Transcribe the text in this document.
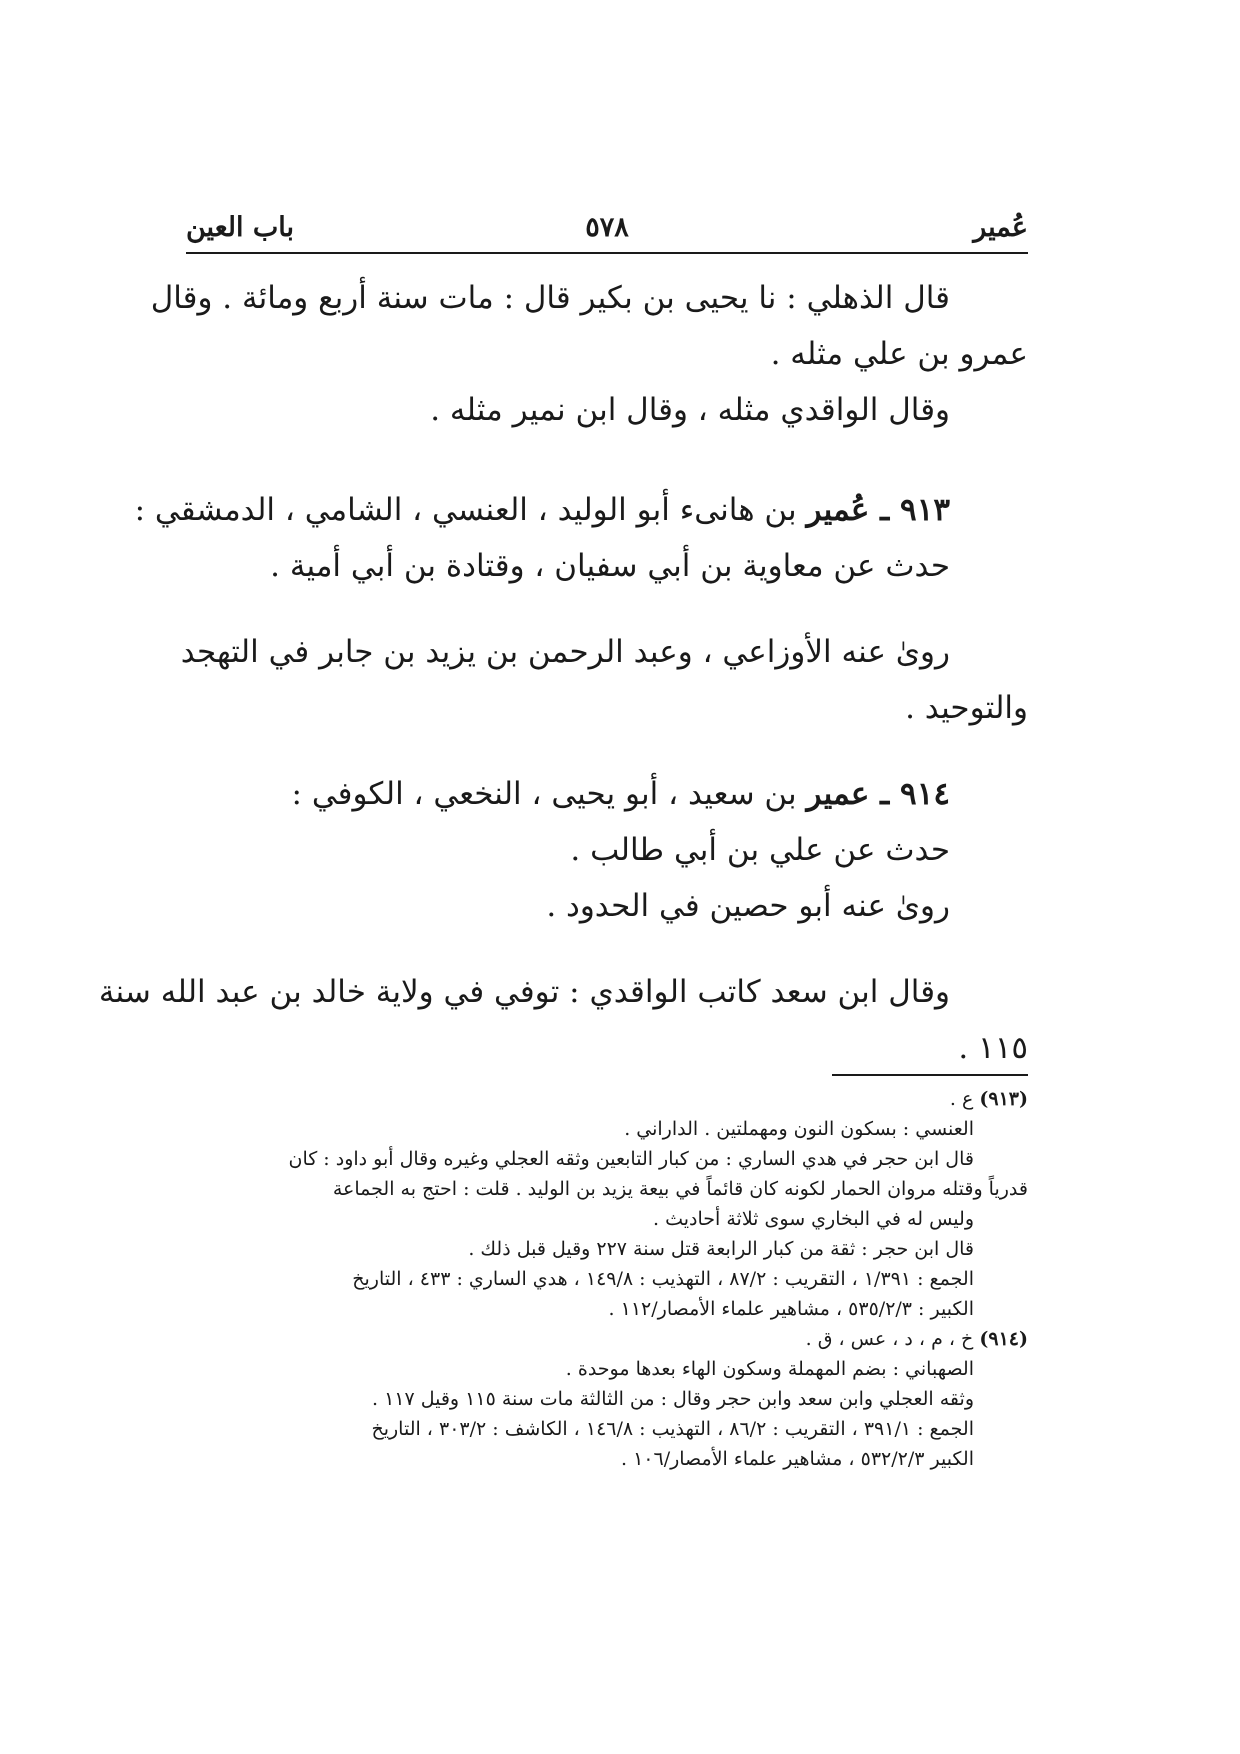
عُمير
٥٧٨
باب العين

قال الذهلي : نا يحيى بن بكير قال : مات سنة أربع ومائة . وقال

عمرو بن علي مثله .

وقال الواقدي مثله ، وقال ابن نمير مثله .

٩١٣ ـ عُمير بن هانىء أبو الوليد ، العنسي ، الشامي ، الدمشقي :

حدث عن معاوية بن أبي سفيان ، وقتادة بن أبي أمية .

روىٰ عنه الأوزاعي ، وعبد الرحمن بن يزيد بن جابر في التهجد

والتوحيد .

٩١٤ ـ عمير بن سعيد ، أبو يحيى ، النخعي ، الكوفي :

حدث عن علي بن أبي طالب .

روىٰ عنه أبو حصين في الحدود .

وقال ابن سعد كاتب الواقدي : توفي في ولاية خالد بن عبد الله سنة

١١٥ .

(٩١٣) ع .

العنسي : بسكون النون ومهملتين . الداراني .

قال ابن حجر في هدي الساري : من كبار التابعين وثقه العجلي وغيره وقال أبو داود : كان

قدرياً وقتله مروان الحمار لكونه كان قائماً في بيعة يزيد بن الوليد . قلت : احتج به الجماعة

وليس له في البخاري سوى ثلاثة أحاديث .

قال ابن حجر : ثقة من كبار الرابعة قتل سنة ٢٢٧ وقيل قبل ذلك .

الجمع : ١/٣٩١ ، التقريب : ٨٧/٢ ، التهذيب : ١٤٩/٨ ، هدي الساري : ٤٣٣ ، التاريخ

الكبير : ٥٣٥/٢/٣ ، مشاهير علماء الأمصار/١١٢ .

(٩١٤) خ ، م ، د ، عس ، ق .

الصهباني : بضم المهملة وسكون الهاء بعدها موحدة .

وثقه العجلي وابن سعد وابن حجر وقال : من الثالثة مات سنة ١١٥ وقيل ١١٧ .

الجمع : ٣٩١/١ ، التقريب : ٨٦/٢ ، التهذيب : ١٤٦/٨ ، الكاشف : ٣٠٣/٢ ، التاريخ

الكبير ٥٣٢/٢/٣ ، مشاهير علماء الأمصار/١٠٦ .
